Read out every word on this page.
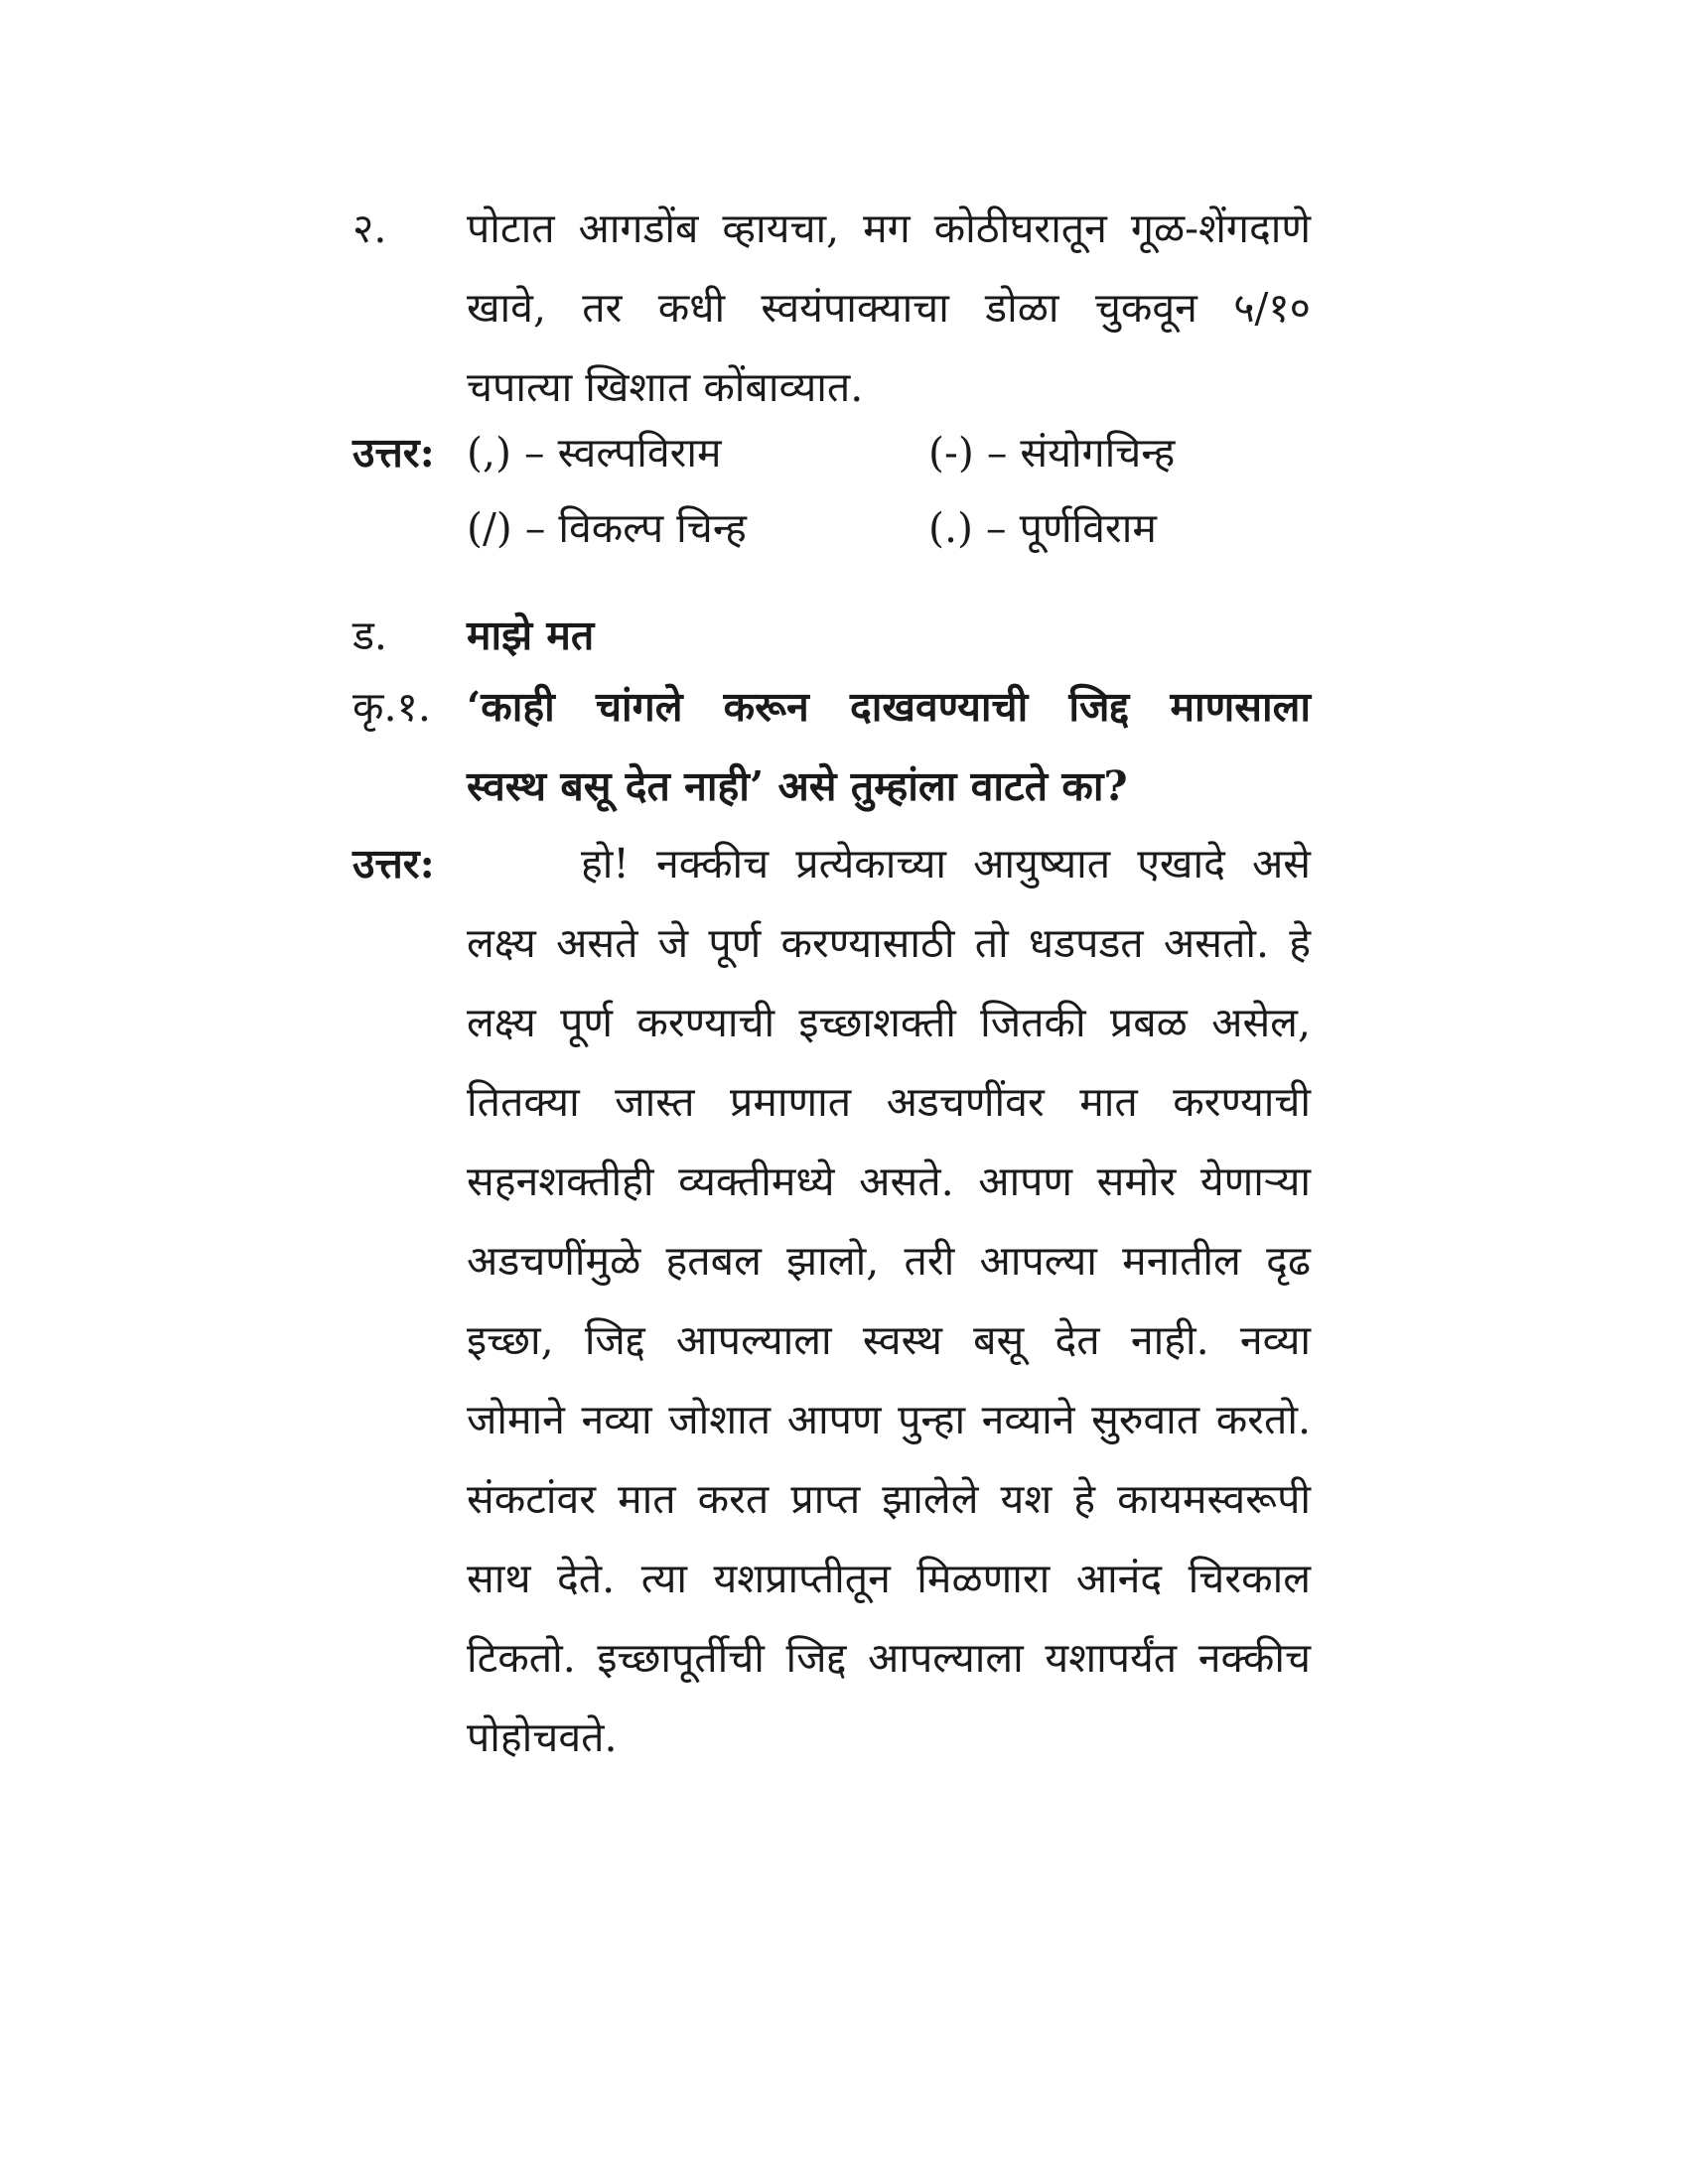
२.	पोटात आगडोंब व्हायचा, मग कोठीघरातून गूळ-शेंगदाणे
खावे, तर कधी स्वयंपाक्याचा डोळा चुकवून ५/१०
चपात्या खिशात कोंबाव्यात.
उत्तर: (,) – स्वल्पविराम	(-) – संयोगचिन्ह
(/) – विकल्प चिन्ह	(.) – पूर्णविराम
ड.	माझे मत
कृ.१. ‘काही चांगले करून दाखवण्याची जिद्द माणसाला
स्वस्थ बसू देत नाही’ असे तुम्हांला वाटते का?
उत्तर:	हो! नक्कीच प्रत्येकाच्या आयुष्यात एखादे असे
लक्ष्य असते जे पूर्ण करण्यासाठी तो धडपडत असतो. हे
लक्ष्य पूर्ण करण्याची इच्छाशक्ती जितकी प्रबळ असेल,
तितक्या जास्त प्रमाणात अडचणींवर मात करण्याची
सहनशक्तीही व्यक्तीमध्ये असते. आपण समोर येणाऱ्या
अडचणींमुळे हतबल झालो, तरी आपल्या मनातील दृढ
इच्छा, जिद्द आपल्याला स्वस्थ बसू देत नाही. नव्या
जोमाने नव्या जोशात आपण पुन्हा नव्याने सुरुवात करतो.
संकटांवर मात करत प्राप्त झालेले यश हे कायमस्वरूपी
साथ देते. त्या यशप्राप्तीतून मिळणारा आनंद चिरकाल
टिकतो. इच्छापूर्तीची जिद्द आपल्याला यशापर्यंत नक्कीच
पोहोचवते.
